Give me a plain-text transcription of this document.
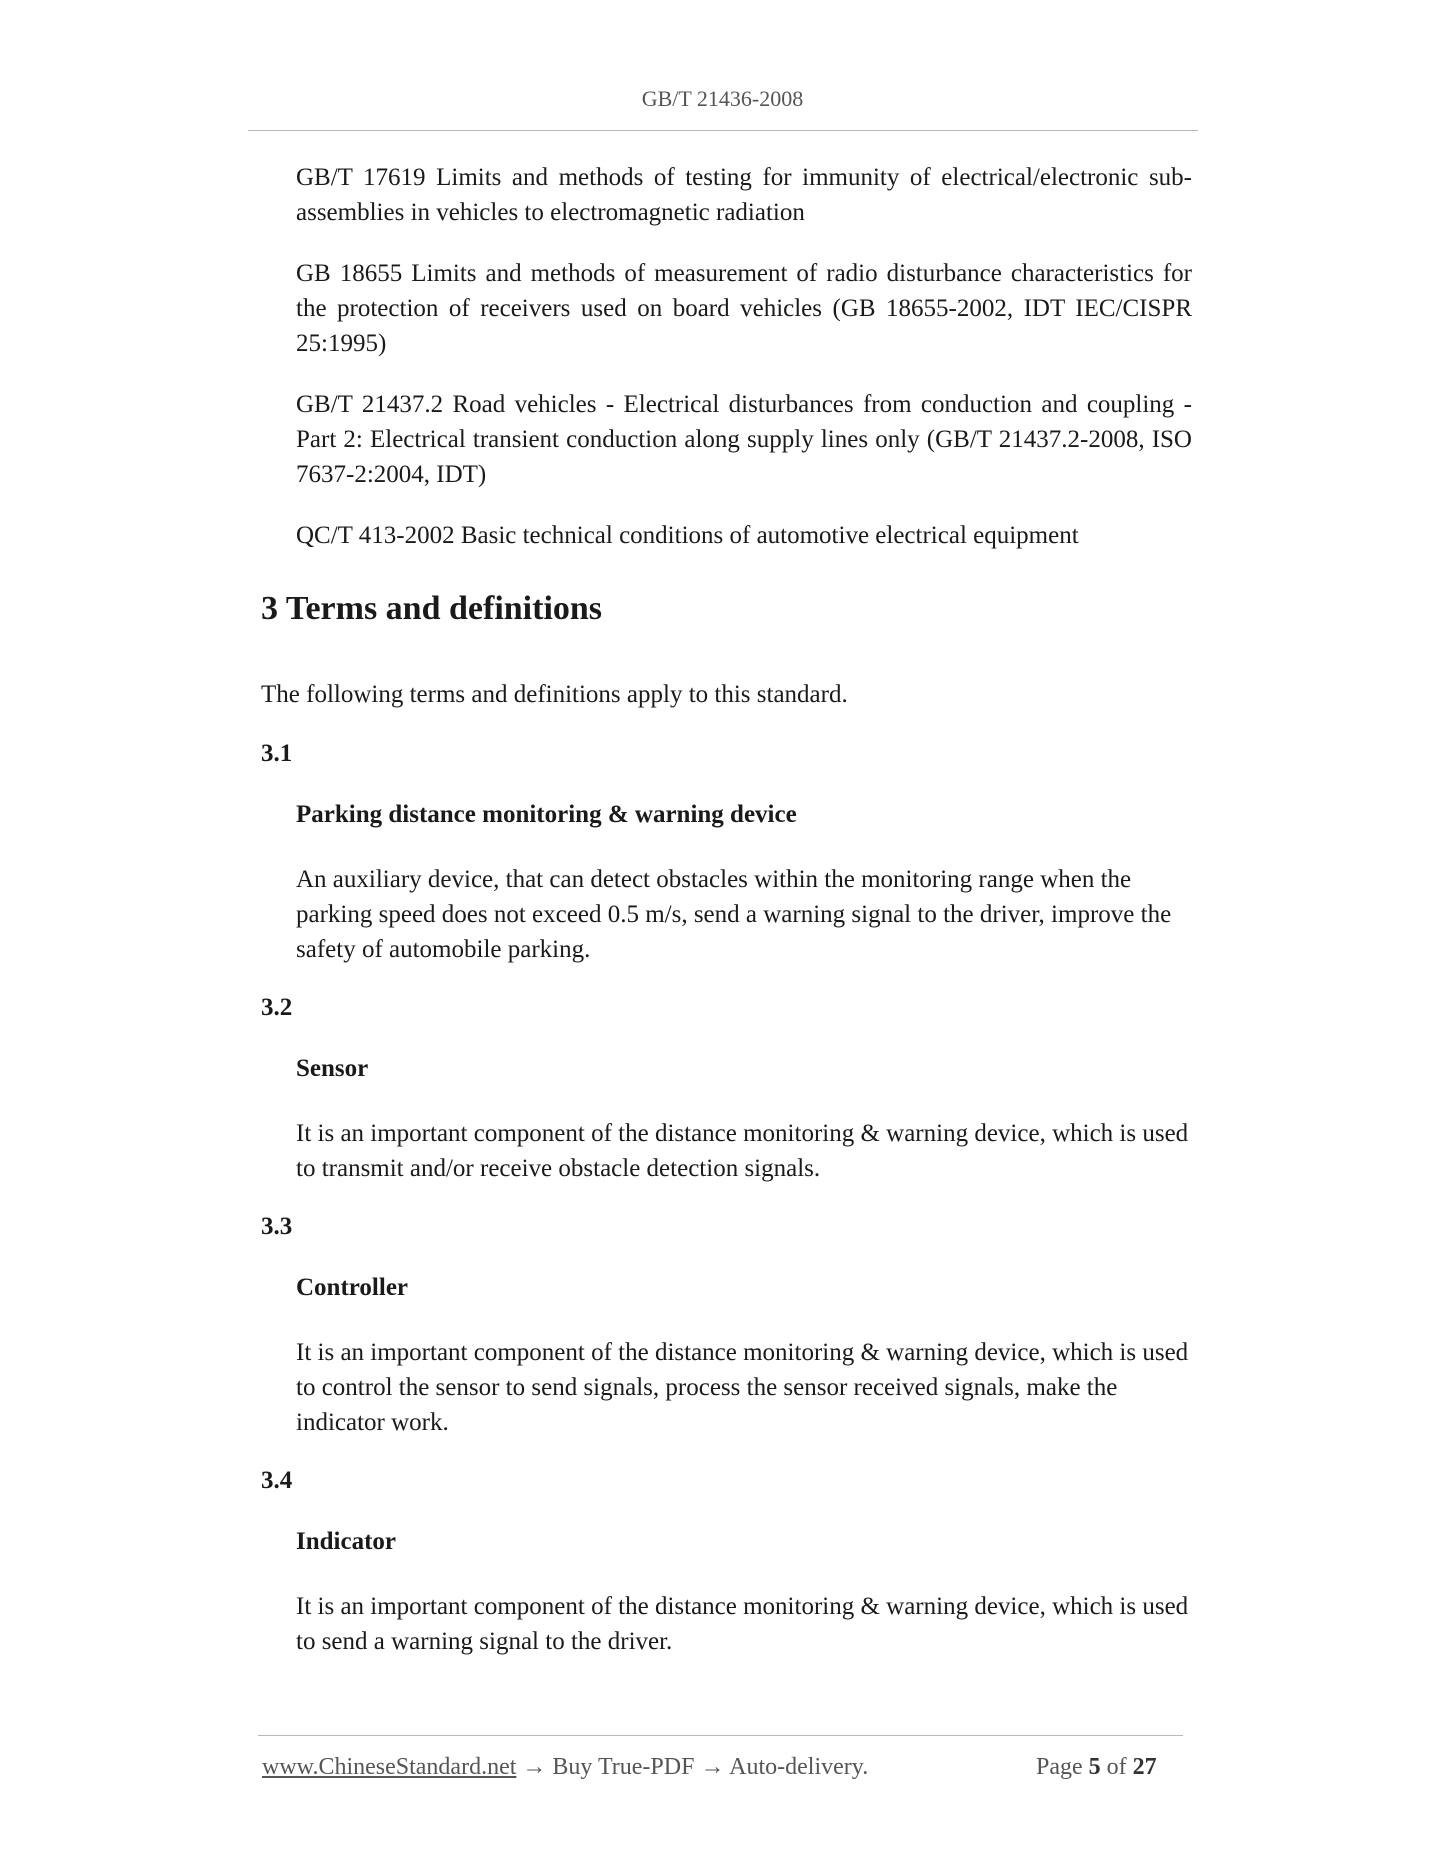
GB/T 21436-2008

GB/T 17619 Limits and methods of testing for immunity of electrical/electronic sub-assemblies in vehicles to electromagnetic radiation

GB 18655 Limits and methods of measurement of radio disturbance characteristics for the protection of receivers used on board vehicles (GB 18655-2002, IDT IEC/CISPR 25:1995)

GB/T 21437.2 Road vehicles - Electrical disturbances from conduction and coupling - Part 2: Electrical transient conduction along supply lines only (GB/T 21437.2-2008, ISO 7637-2:2004, IDT)

QC/T 413-2002 Basic technical conditions of automotive electrical equipment

3 Terms and definitions

The following terms and definitions apply to this standard.

3.1

Parking distance monitoring & warning device

An auxiliary device, that can detect obstacles within the monitoring range when the parking speed does not exceed 0.5 m/s, send a warning signal to the driver, improve the safety of automobile parking.

3.2

Sensor

It is an important component of the distance monitoring & warning device, which is used to transmit and/or receive obstacle detection signals.

3.3

Controller

It is an important component of the distance monitoring & warning device, which is used to control the sensor to send signals, process the sensor received signals, make the indicator work.

3.4

Indicator

It is an important component of the distance monitoring & warning device, which is used to send a warning signal to the driver.

www.ChineseStandard.net → Buy True-PDF → Auto-delivery.	Page 5 of 27
